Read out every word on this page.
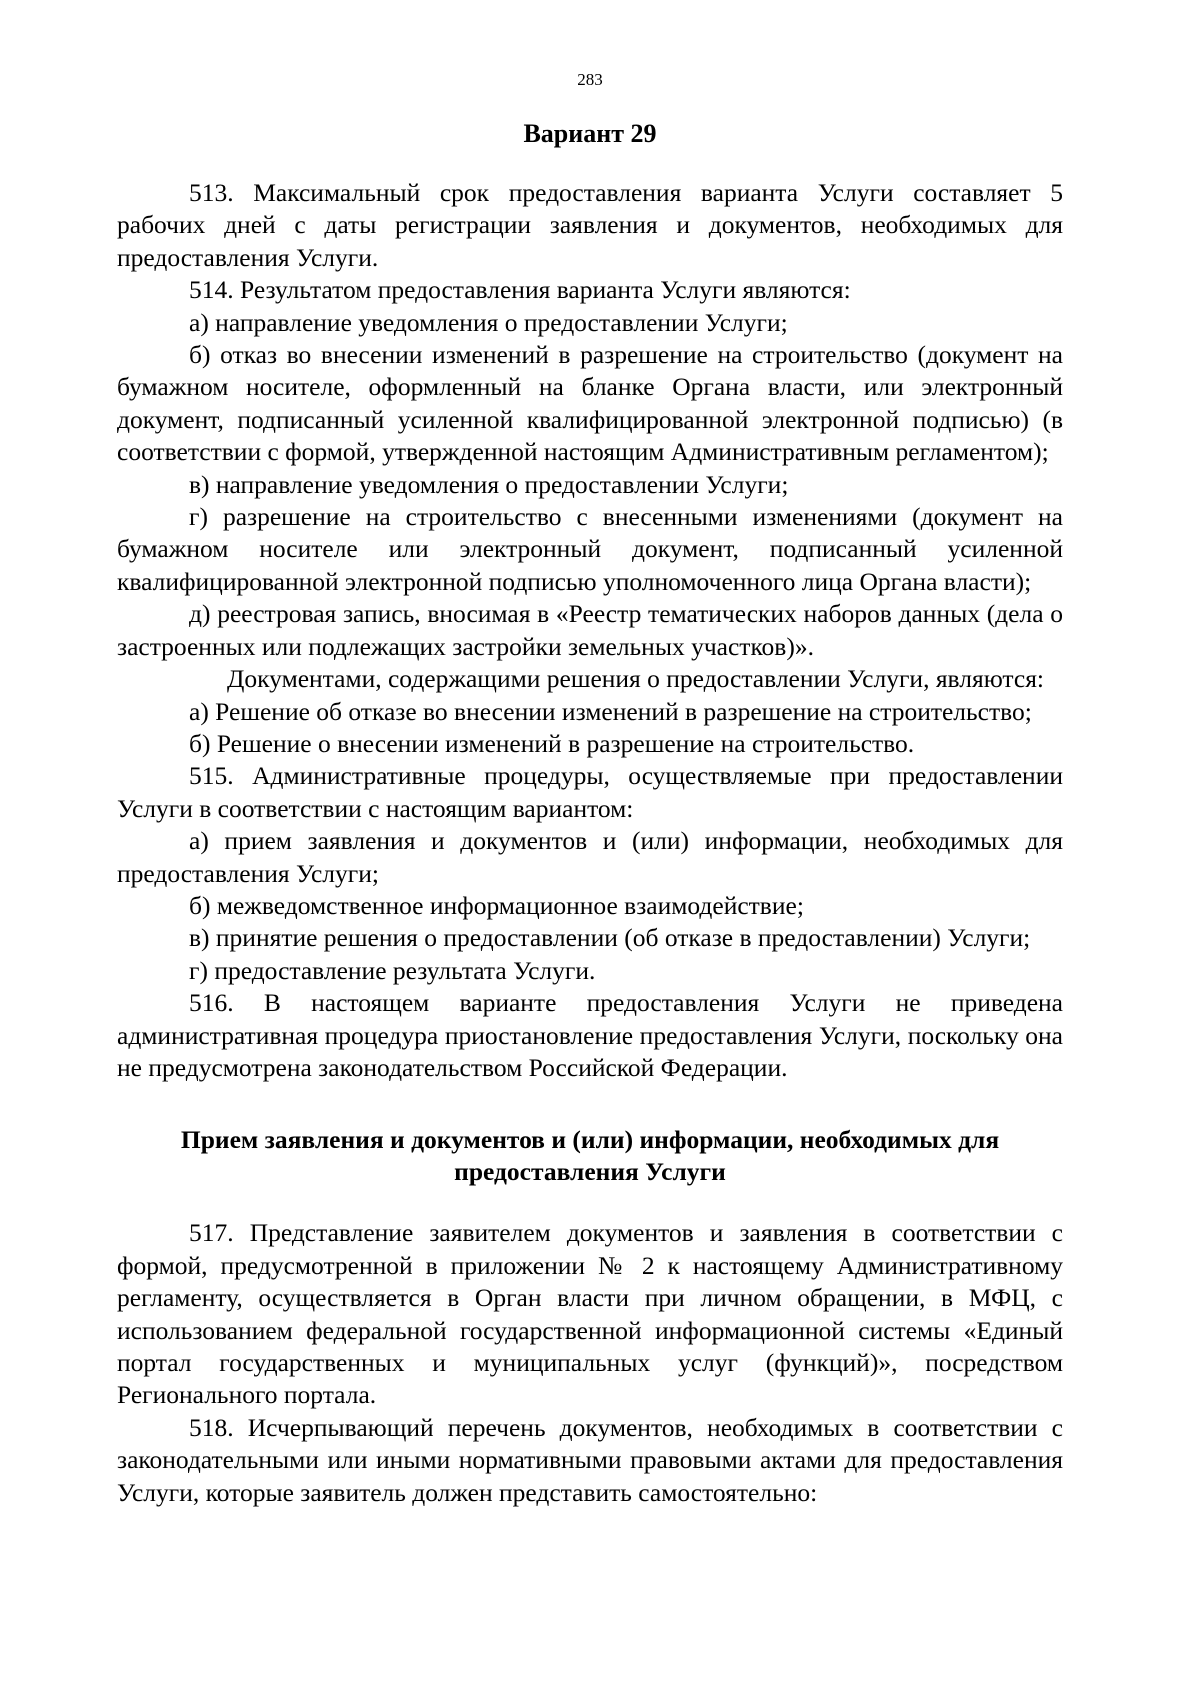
283
Вариант 29

513. Максимальный срок предоставления варианта Услуги составляет 5 рабочих дней с даты регистрации заявления и документов, необходимых для предоставления Услуги.

514. Результатом предоставления варианта Услуги являются:

а) направление уведомления о предоставлении Услуги;

б) отказ во внесении изменений в разрешение на строительство (документ на бумажном носителе, оформленный на бланке Органа власти, или электронный документ, подписанный усиленной квалифицированной электронной подписью) (в соответствии с формой, утвержденной настоящим Административным регламентом);

в) направление уведомления о предоставлении Услуги;

г) разрешение на строительство с внесенными изменениями (документ на бумажном носителе или электронный документ, подписанный усиленной квалифицированной электронной подписью уполномоченного лица Органа власти);

д) реестровая запись, вносимая в «Реестр тематических наборов данных (дела о застроенных или подлежащих застройки земельных участков)».

Документами, содержащими решения о предоставлении Услуги, являются:

а) Решение об отказе во внесении изменений в разрешение на строительство;

б) Решение о внесении изменений в разрешение на строительство.

515. Административные процедуры, осуществляемые при предоставлении Услуги в соответствии с настоящим вариантом:

а) прием заявления и документов и (или) информации, необходимых для предоставления Услуги;

б) межведомственное информационное взаимодействие;

в) принятие решения о предоставлении (об отказе в предоставлении) Услуги;

г) предоставление результата Услуги.

516. В настоящем варианте предоставления Услуги не приведена административная процедура приостановление предоставления Услуги, поскольку она не предусмотрена законодательством Российской Федерации.

Прием заявления и документов и (или) информации, необходимых для предоставления Услуги

517. Представление заявителем документов и заявления в соответствии с формой, предусмотренной в приложении № 2 к настоящему Административному регламенту, осуществляется в Орган власти при личном обращении, в МФЦ, с использованием федеральной государственной информационной системы «Единый портал государственных и муниципальных услуг (функций)», посредством Регионального портала.

518. Исчерпывающий перечень документов, необходимых в соответствии с законодательными или иными нормативными правовыми актами для предоставления Услуги, которые заявитель должен представить самостоятельно:
